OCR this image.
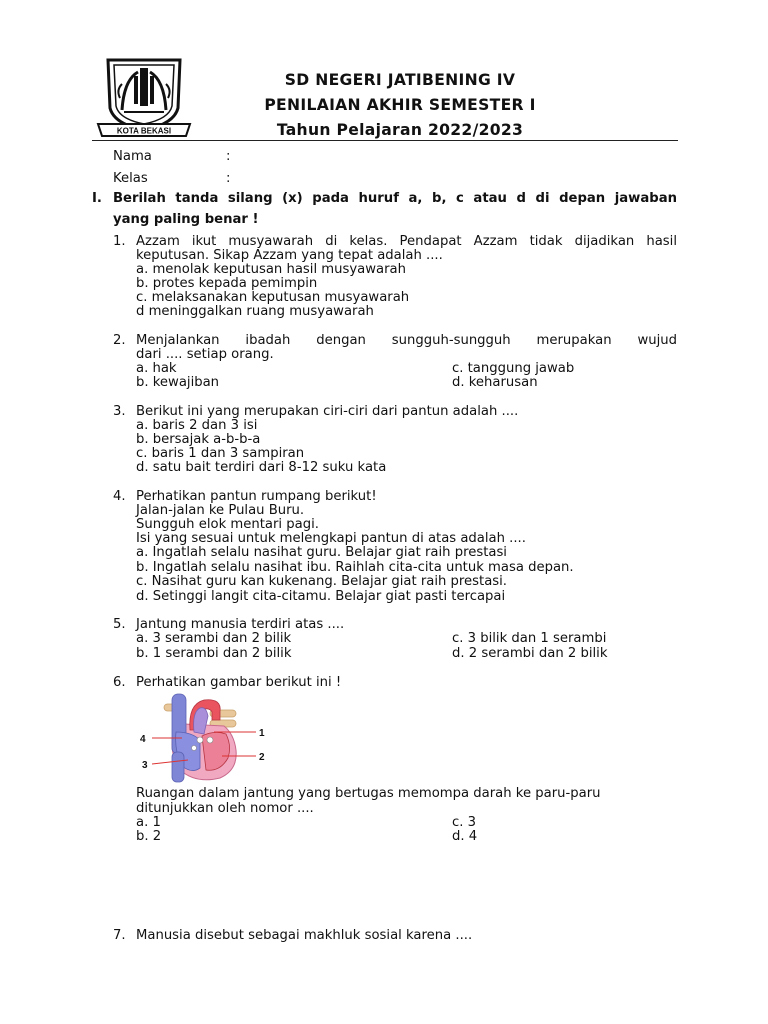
KOTA BEKASI
SD NEGERI JATIBENING IV
PENILAIAN AKHIR SEMESTER I
Tahun Pelajaran 2022/2023
Nama	:
Kelas	:
I. Berilah tanda silang (x) pada huruf a, b, c atau d di depan jawaban
yang paling benar !
1. Azzam ikut musyawarah di kelas. Pendapat Azzam tidak dijadikan hasil
keputusan. Sikap Azzam yang tepat adalah ....
a. menolak keputusan hasil musyawarah
b. protes kepada pemimpin
c. melaksanakan keputusan musyawarah
d meninggalkan ruang musyawarah
2. Menjalankan ibadah dengan sungguh-sungguh merupakan wujud
dari .... setiap orang.
a. hak
b. kewajiban
c. tanggung jawab
d. keharusan
3. Berikut ini yang merupakan ciri-ciri dari pantun adalah ....
a. baris 2 dan 3 isi
b. bersajak a-b-b-a
c. baris 1 dan 3 sampiran
d. satu bait terdiri dari 8-12 suku kata
4. Perhatikan pantun rumpang berikut!
Jalan-jalan ke Pulau Buru.
Sungguh elok mentari pagi.
Isi yang sesuai untuk melengkapi pantun di atas adalah ....
a. Ingatlah selalu nasihat guru. Belajar giat raih prestasi
b. Ingatlah selalu nasihat ibu. Raihlah cita-cita untuk masa depan.
c. Nasihat guru kan kukenang. Belajar giat raih prestasi.
d. Setinggi langit cita-citamu. Belajar giat pasti tercapai
5. Jantung manusia terdiri atas ....
a. 3 serambi dan 2 bilik
b. 1 serambi dan 2 bilik
c. 3 bilik dan 1 serambi
d. 2 serambi dan 2 bilik
6. Perhatikan gambar berikut ini !
4
3
1
2
Ruangan dalam jantung yang bertugas memompa darah ke paru-paru
ditunjukkan oleh nomor ....
a. 1
b. 2
c. 3
d. 4
7. Manusia disebut sebagai makhluk sosial karena ....
